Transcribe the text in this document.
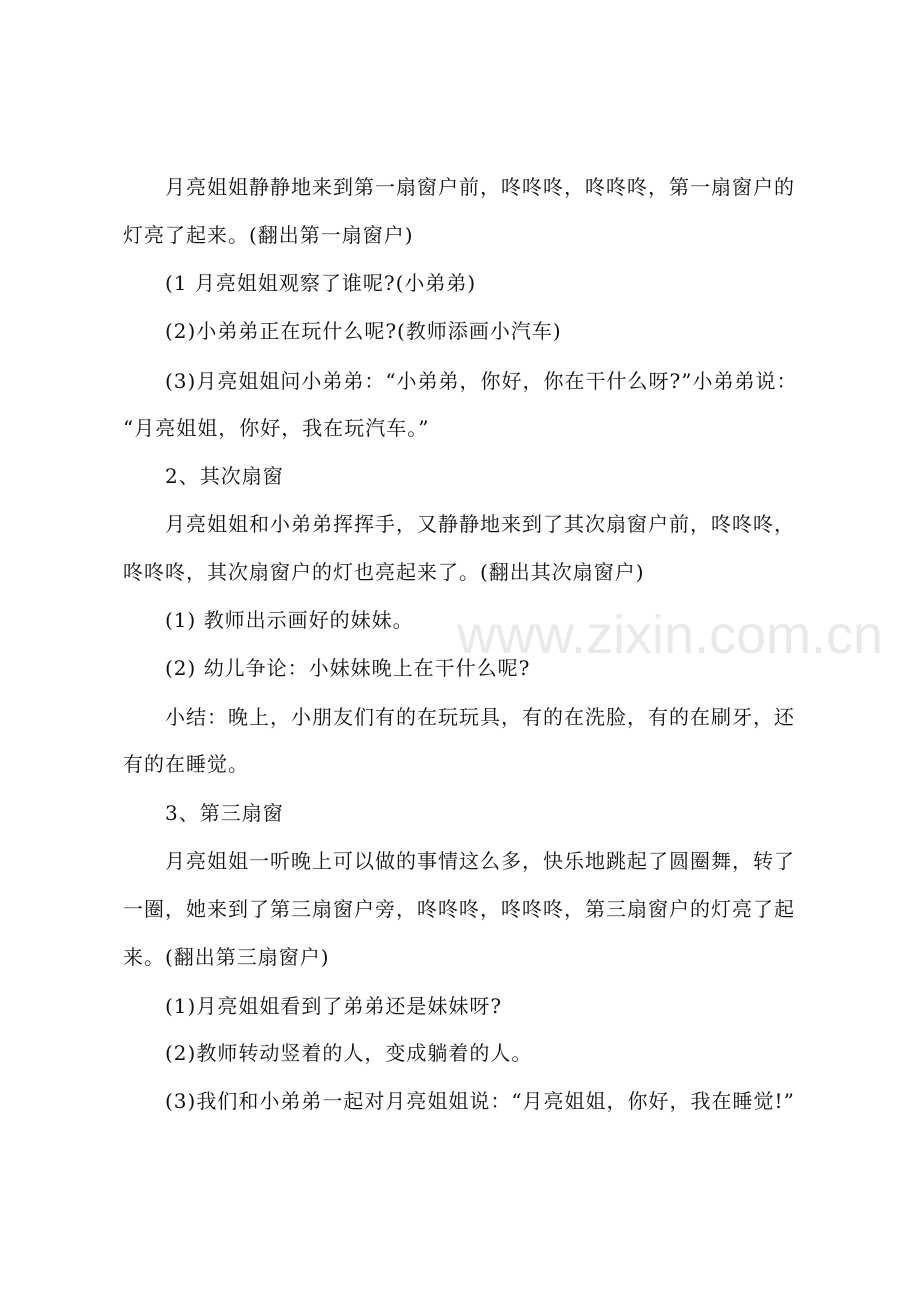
月亮姐姐静静地来到第一扇窗户前，咚咚咚，咚咚咚，第一扇窗户的
灯亮了起来。(翻出第一扇窗户)
(1 月亮姐姐观察了谁呢?(小弟弟)
(2)小弟弟正在玩什么呢?(教师添画小汽车)
(3)月亮姐姐问小弟弟：“小弟弟，你好，你在干什么呀?”小弟弟说：
“月亮姐姐，你好，我在玩汽车。”
2、其次扇窗
月亮姐姐和小弟弟挥挥手，又静静地来到了其次扇窗户前，咚咚咚，
咚咚咚，其次扇窗户的灯也亮起来了。(翻出其次扇窗户)
(1) 教师出示画好的妹妹。
(2) 幼儿争论：小妹妹晚上在干什么呢?
小结：晚上，小朋友们有的在玩玩具，有的在洗脸，有的在刷牙，还
有的在睡觉。
3、第三扇窗
月亮姐姐一听晚上可以做的事情这么多，快乐地跳起了圆圈舞，转了
一圈，她来到了第三扇窗户旁，咚咚咚，咚咚咚，第三扇窗户的灯亮了起
来。(翻出第三扇窗户)
(1)月亮姐姐看到了弟弟还是妹妹呀?
(2)教师转动竖着的人，变成躺着的人。
(3)我们和小弟弟一起对月亮姐姐说：“月亮姐姐，你好，我在睡觉!”
www.zixin.com.cn
